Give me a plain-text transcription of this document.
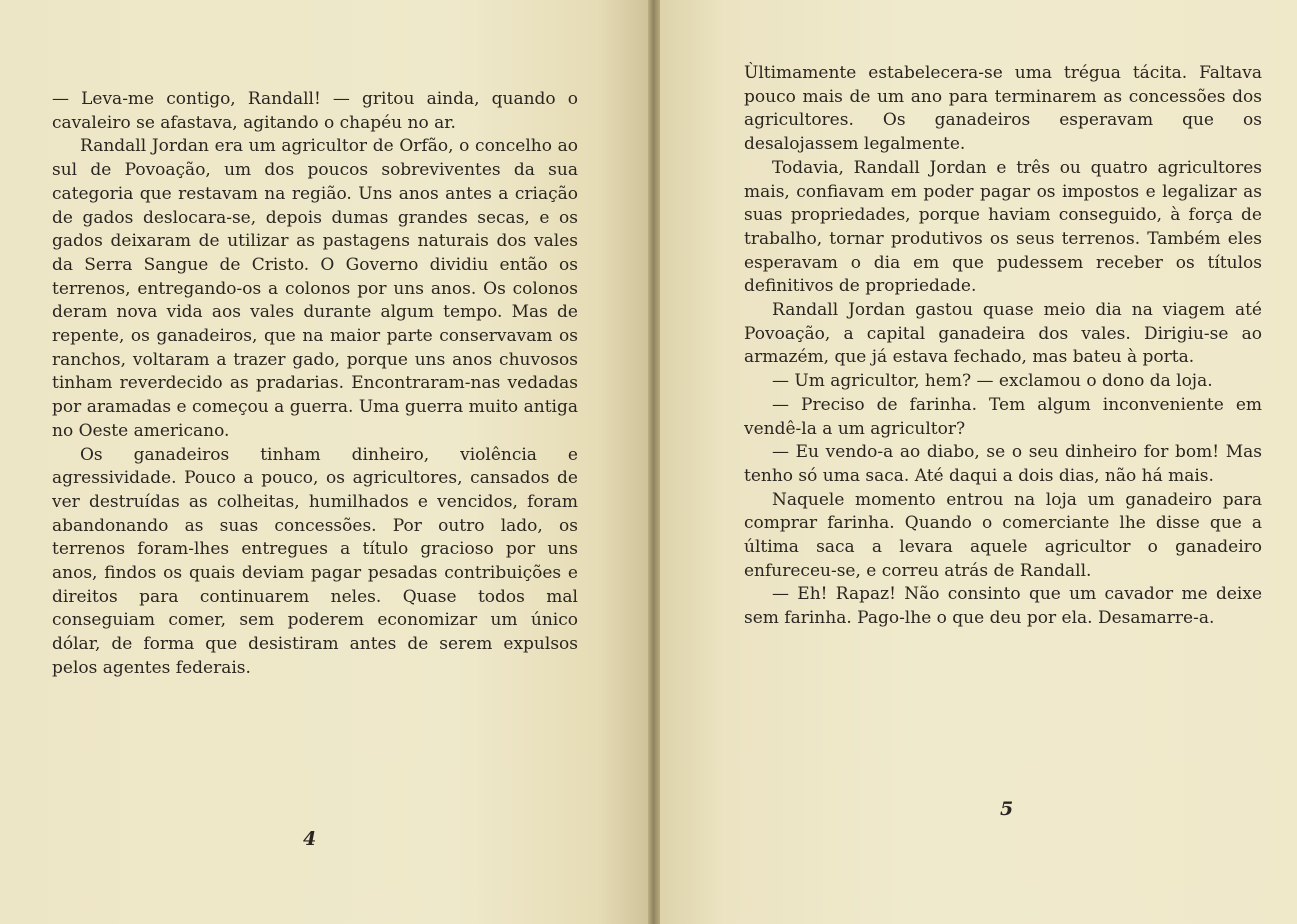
— Leva-me contigo, Randall! — gritou ainda, quando o cavaleiro se afastava, agitando o chapéu no ar.

Randall Jordan era um agricultor de Orfão, o concelho ao sul de Povoação, um dos poucos sobreviventes da sua categoria que restavam na região. Uns anos antes a criação de gados deslocara-se, depois dumas grandes secas, e os gados deixaram de utilizar as pastagens naturais dos vales da Serra Sangue de Cristo. O Governo dividiu então os terrenos, entregando-os a colonos por uns anos. Os colonos deram nova vida aos vales durante algum tempo. Mas de repente, os ganadeiros, que na maior parte conservavam os ranchos, voltaram a trazer gado, porque uns anos chuvosos tinham reverdecido as pradarias. Encontraram-nas vedadas por aramadas e começou a guerra. Uma guerra muito antiga no Oeste americano.

Os ganadeiros tinham dinheiro, violência e agressividade. Pouco a pouco, os agricultores, cansados de ver destruídas as colheitas, humilhados e vencidos, foram abandonando as suas concessões. Por outro lado, os terrenos foram-lhes entregues a título gracioso por uns anos, findos os quais deviam pagar pesadas contribuições e direitos para continuarem neles. Quase todos mal conseguiam comer, sem poderem economizar um único dólar, de forma que desistiram antes de serem expulsos pelos agentes federais.

4

Ùltimamente estabelecera-se uma trégua tácita. Faltava pouco mais de um ano para terminarem as concessões dos agricultores. Os ganadeiros esperavam que os desalojassem legalmente.

Todavia, Randall Jordan e três ou quatro agricultores mais, confiavam em poder pagar os impostos e legalizar as suas propriedades, porque haviam conseguido, à força de trabalho, tornar produtivos os seus terrenos. Também eles esperavam o dia em que pudessem receber os títulos definitivos de propriedade.

Randall Jordan gastou quase meio dia na viagem até Povoação, a capital ganadeira dos vales. Dirigiu-se ao armazém, que já estava fechado, mas bateu à porta.

— Um agricultor, hem? — exclamou o dono da loja.

— Preciso de farinha. Tem algum inconveniente em vendê-la a um agricultor?

— Eu vendo-a ao diabo, se o seu dinheiro for bom! Mas tenho só uma saca. Até daqui a dois dias, não há mais.

Naquele momento entrou na loja um ganadeiro para comprar farinha. Quando o comerciante lhe disse que a última saca a levara aquele agricultor o ganadeiro enfureceu-se, e correu atrás de Randall.

— Eh! Rapaz! Não consinto que um cavador me deixe sem farinha. Pago-lhe o que deu por ela. Desamarre-a.

5
